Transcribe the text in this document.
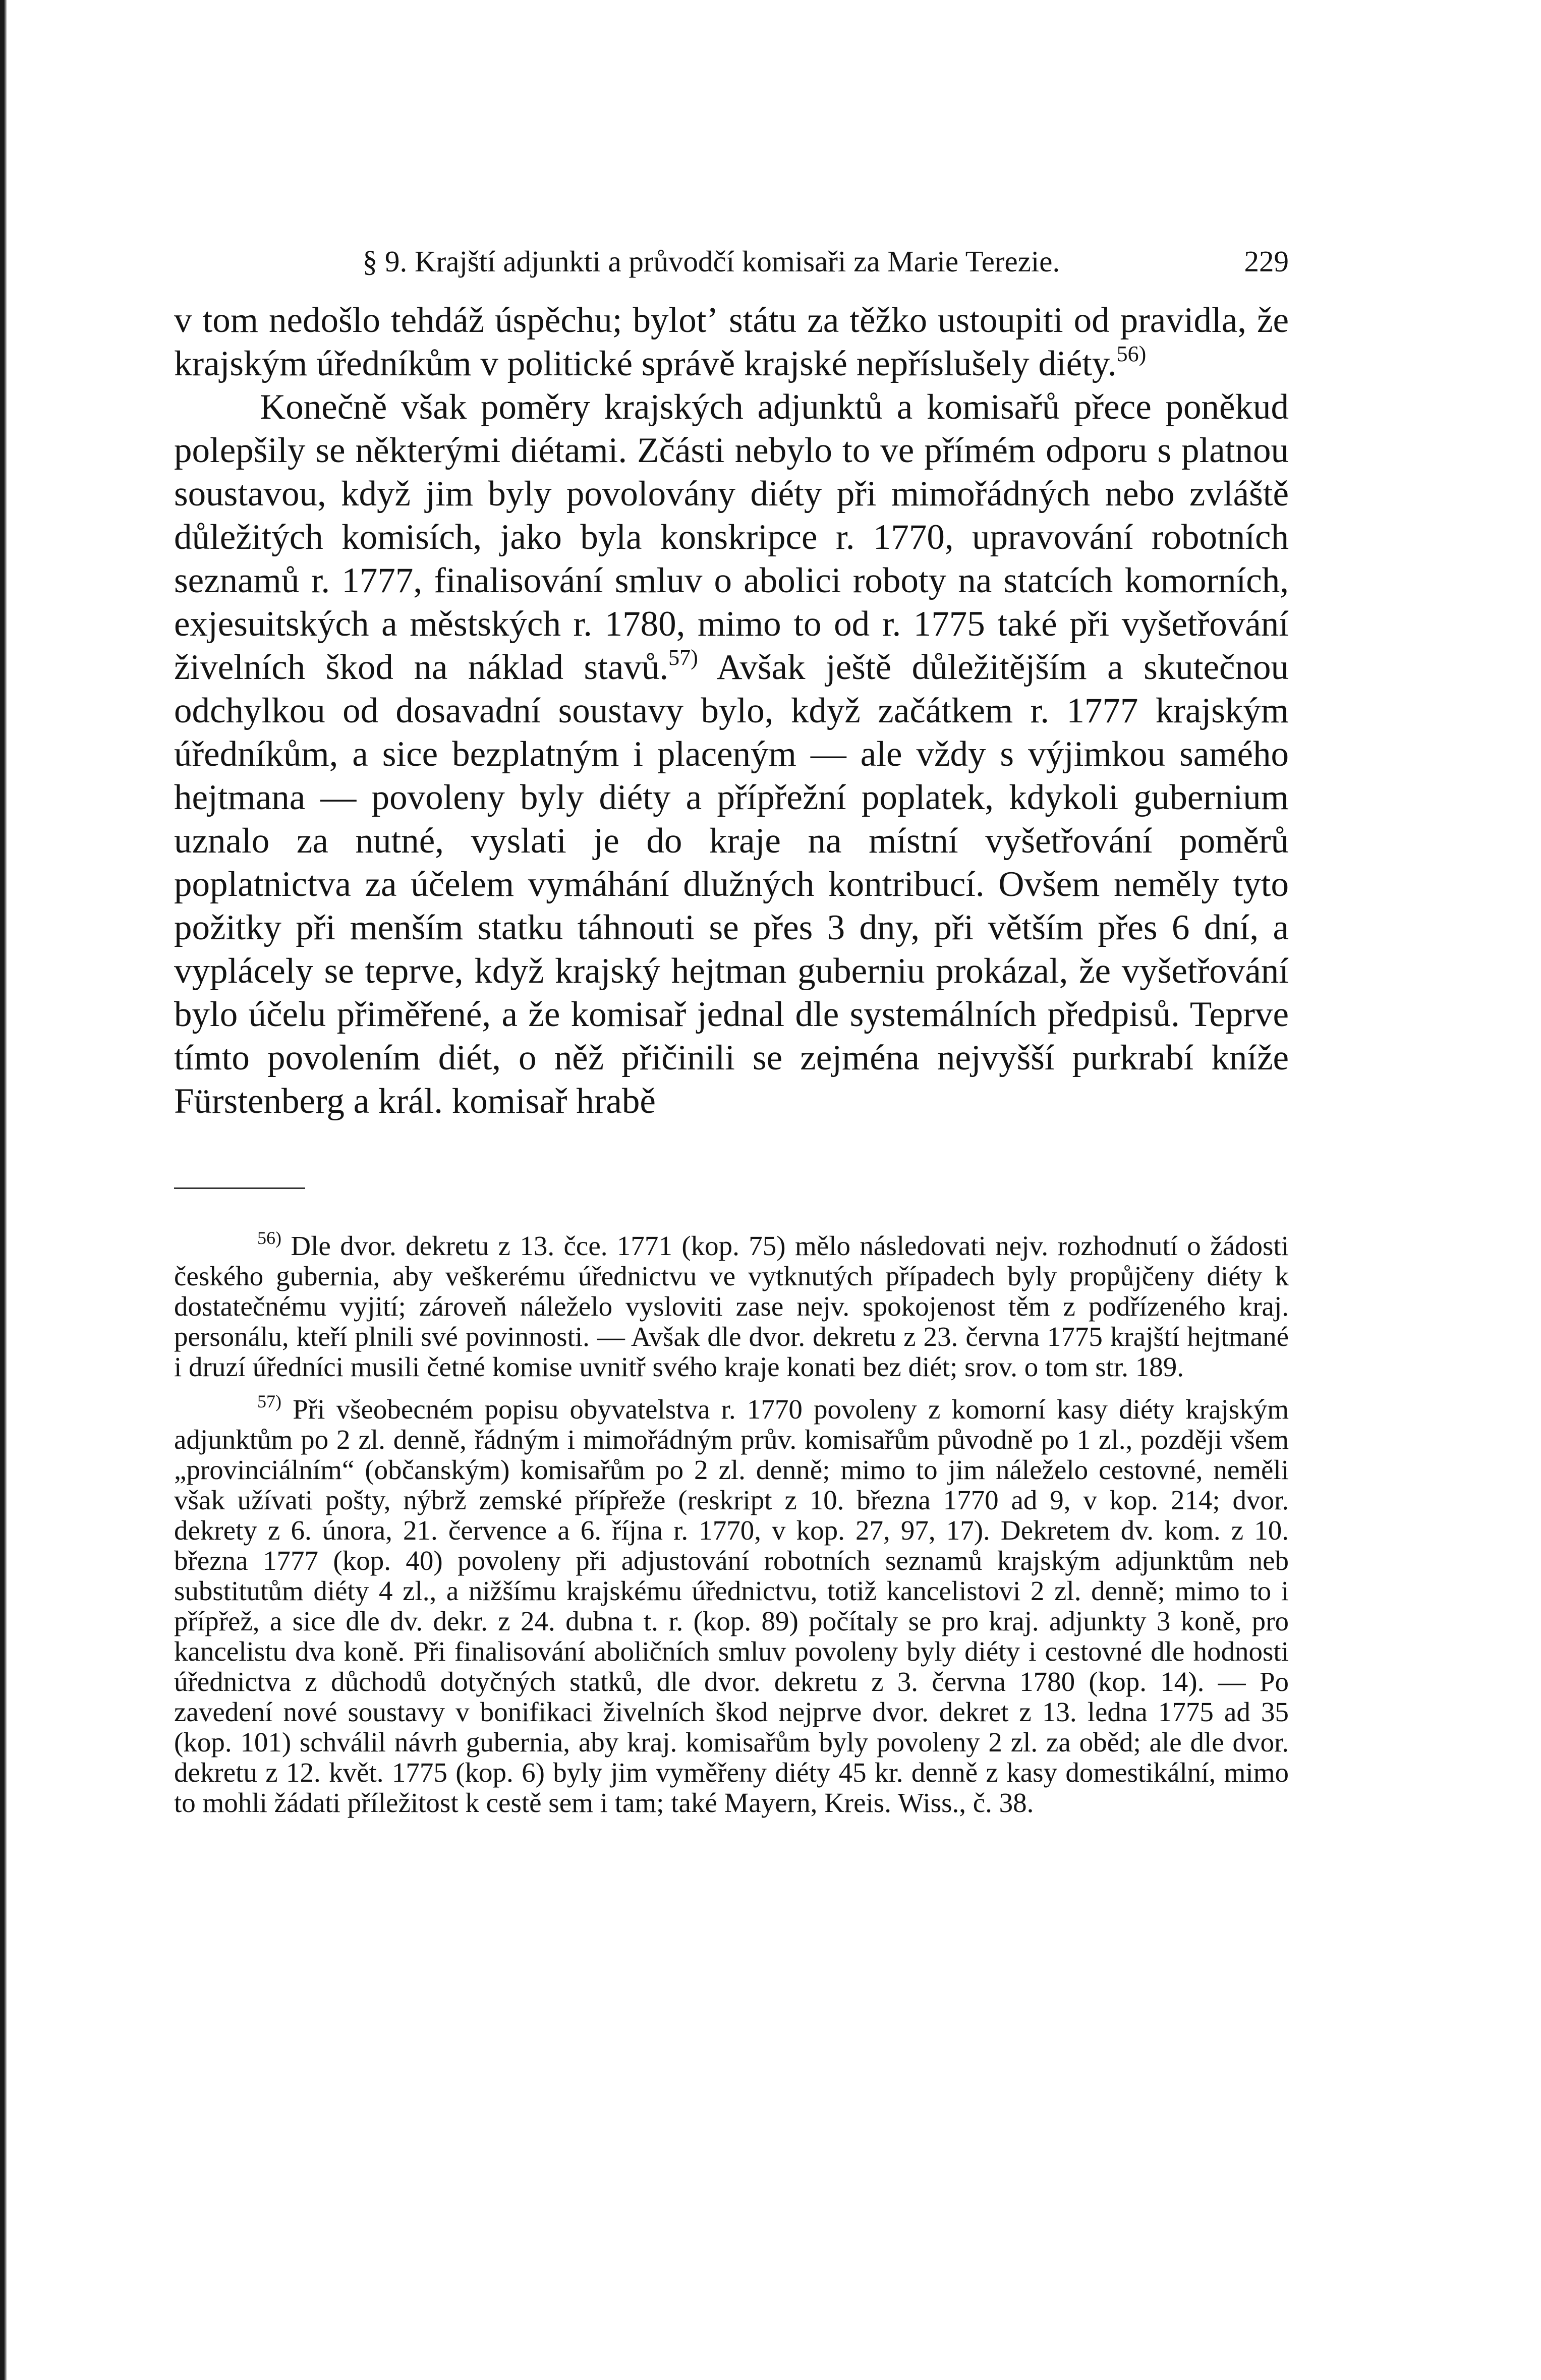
§ 9. Krajští adjunkti a průvodčí komisaři za Marie Terezie.	229

v tom nedošlo tehdáž úspěchu; bylotʼ státu za těžko ustoupiti od pravidla, že krajským úředníkům v politické správě krajské nepříslušely diéty.$^{56)}$

Konečně však poměry krajských adjunktů a komisařů přece poněkud polepšily se některými diétami. Zčásti nebylo to ve přímém odporu s platnou soustavou, když jim byly povolovány diéty při mimořádných nebo zvláště důležitých komisích, jako byla konskripce r. 1770, upravování robotních seznamů r. 1777, finalisování smluv o abolici roboty na statcích komorních, exjesuitských a městských r. 1780, mimo to od r. 1775 také při vyšetřování živelních škod na náklad stavů.$^{57)}$ Avšak ještě důležitějším a skutečnou odchylkou od dosavadní soustavy bylo, když začátkem r. 1777 krajským úředníkům, a sice bezplatným i placeným — ale vždy s výjimkou samého hejtmana — povoleny byly diéty a přípřežní poplatek, kdykoli gubernium uznalo za nutné, vyslati je do kraje na místní vyšetřování poměrů poplatnictva za účelem vymáhání dlužných kontribucí. Ovšem neměly tyto požitky při menším statku táhnouti se přes 3 dny, při větším přes 6 dní, a vyplácely se teprve, když krajský hejtman guberniu prokázal, že vyšetřování bylo účelu přiměřené, a že komisař jednal dle systemálních předpisů. Teprve tímto povolením diét, o něž přičinili se zejména nejvyšší purkrabí kníže Fürstenberg a král. komisař hrabě

$^{56)}$ Dle dvor. dekretu z 13. čce. 1771 (kop. 75) mělo následovati nejv. rozhodnutí o žádosti českého gubernia, aby veškerému úřednictvu ve vytknutých případech byly propůjčeny diéty k dostatečnému vyjití; zároveň náleželo vysloviti zase nejv. spokojenost těm z podřízeného kraj. personálu, kteří plnili své povinnosti. — Avšak dle dvor. dekretu z 23. června 1775 krajští hejtmané i druzí úředníci musili četné komise uvnitř svého kraje konati bez diét; srov. o tom str. 189.

$^{57)}$ Při všeobecném popisu obyvatelstva r. 1770 povoleny z komorní kasy diéty krajským adjunktům po 2 zl. denně, řádným i mimořádným prův. komisařům původně po 1 zl., později všem „provinciálním“ (občanským) komisařům po 2 zl. denně; mimo to jim náleželo cestovné, neměli však užívati pošty, nýbrž zemské přípřeže (reskript z 10. března 1770 ad 9, v kop. 214; dvor. dekrety z 6. února, 21. července a 6. října r. 1770, v kop. 27, 97, 17). Dekretem dv. kom. z 10. března 1777 (kop. 40) povoleny při adjustování robotních seznamů krajským adjunktům neb substitutům diéty 4 zl., a nižšímu krajskému úřednictvu, totiž kancelistovi 2 zl. denně; mimo to i přípřež, a sice dle dv. dekr. z 24. dubna t. r. (kop. 89) počítaly se pro kraj. adjunkty 3 koně, pro kancelistu dva koně. Při finalisování aboličních smluv povoleny byly diéty i cestovné dle hodnosti úřednictva z důchodů dotyčných statků, dle dvor. dekretu z 3. června 1780 (kop. 14). — Po zavedení nové soustavy v bonifikaci živelních škod nejprve dvor. dekret z 13. ledna 1775 ad 35 (kop. 101) schválil návrh gubernia, aby kraj. komisařům byly povoleny 2 zl. za oběd; ale dle dvor. dekretu z 12. květ. 1775 (kop. 6) byly jim vyměřeny diéty 45 kr. denně z kasy domestikální, mimo to mohli žádati příležitost k cestě sem i tam; také Mayern, Kreis. Wiss., č. 38.
